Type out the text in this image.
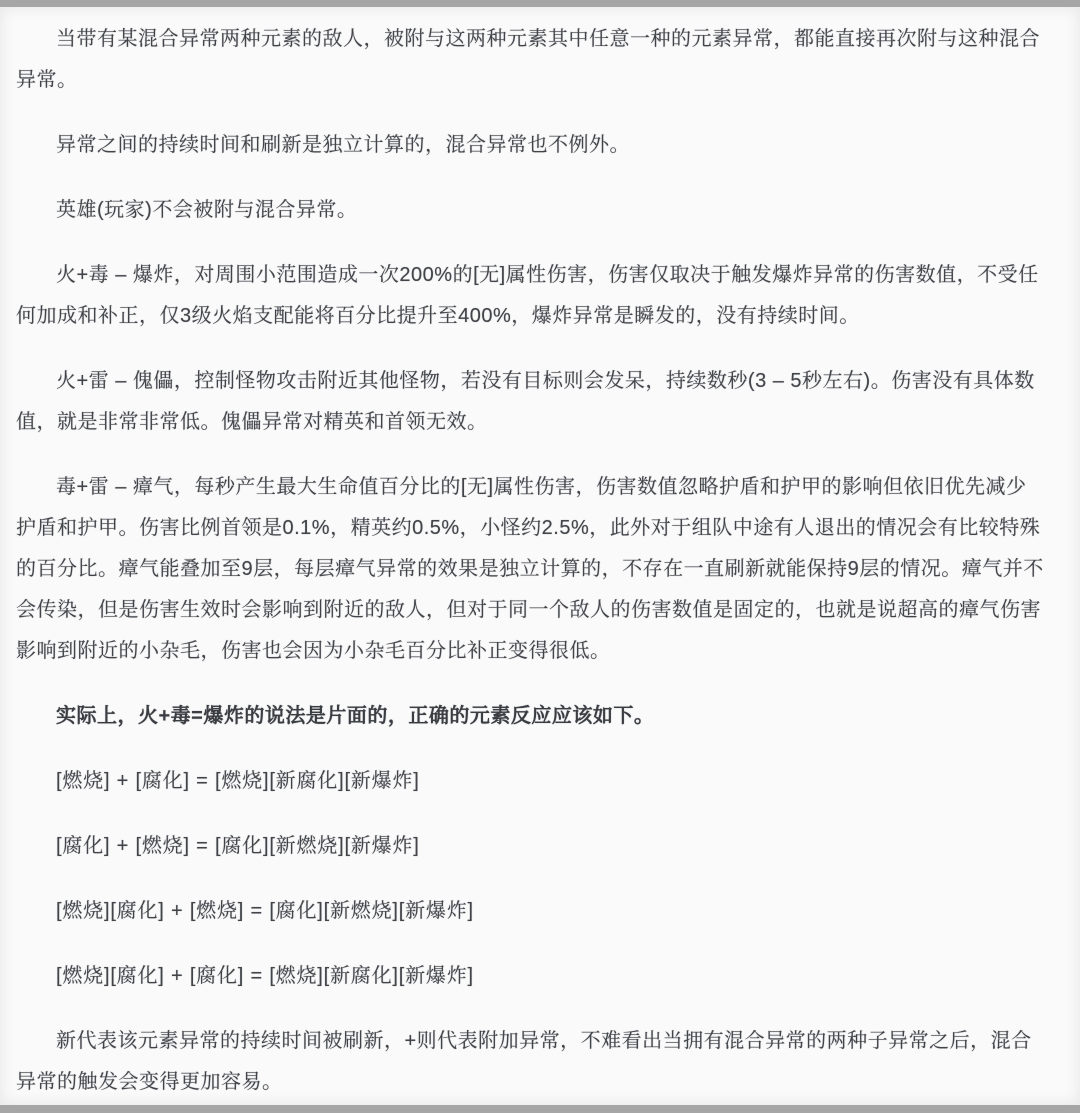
当带有某混合异常两种元素的敌人，被附与这两种元素其中任意一种的元素异常，都能直接再次附与这种混合异常。

异常之间的持续时间和刷新是独立计算的，混合异常也不例外。

英雄(玩家)不会被附与混合异常。

火+毒 – 爆炸，对周围小范围造成一次200%的[无]属性伤害，伤害仅取决于触发爆炸异常的伤害数值，不受任何加成和补正，仅3级火焰支配能将百分比提升至400%，爆炸异常是瞬发的，没有持续时间。

火+雷 – 傀儡，控制怪物攻击附近其他怪物，若没有目标则会发呆，持续数秒(3 – 5秒左右)。伤害没有具体数值，就是非常非常低。傀儡异常对精英和首领无效。

毒+雷 – 瘴气，每秒产生最大生命值百分比的[无]属性伤害，伤害数值忽略护盾和护甲的影响但依旧优先减少护盾和护甲。伤害比例首领是0.1%，精英约0.5%，小怪约2.5%，此外对于组队中途有人退出的情况会有比较特殊的百分比。瘴气能叠加至9层，每层瘴气异常的效果是独立计算的，不存在一直刷新就能保持9层的情况。瘴气并不会传染，但是伤害生效时会影响到附近的敌人，但对于同一个敌人的伤害数值是固定的，也就是说超高的瘴气伤害影响到附近的小杂毛，伤害也会因为小杂毛百分比补正变得很低。

实际上，火+毒=爆炸的说法是片面的，正确的元素反应应该如下。

[燃烧] + [腐化] = [燃烧][新腐化][新爆炸]

[腐化] + [燃烧] = [腐化][新燃烧][新爆炸]

[燃烧][腐化] + [燃烧] = [腐化][新燃烧][新爆炸]

[燃烧][腐化] + [腐化] = [燃烧][新腐化][新爆炸]

新代表该元素异常的持续时间被刷新，+则代表附加异常，不难看出当拥有混合异常的两种子异常之后，混合异常的触发会变得更加容易。
